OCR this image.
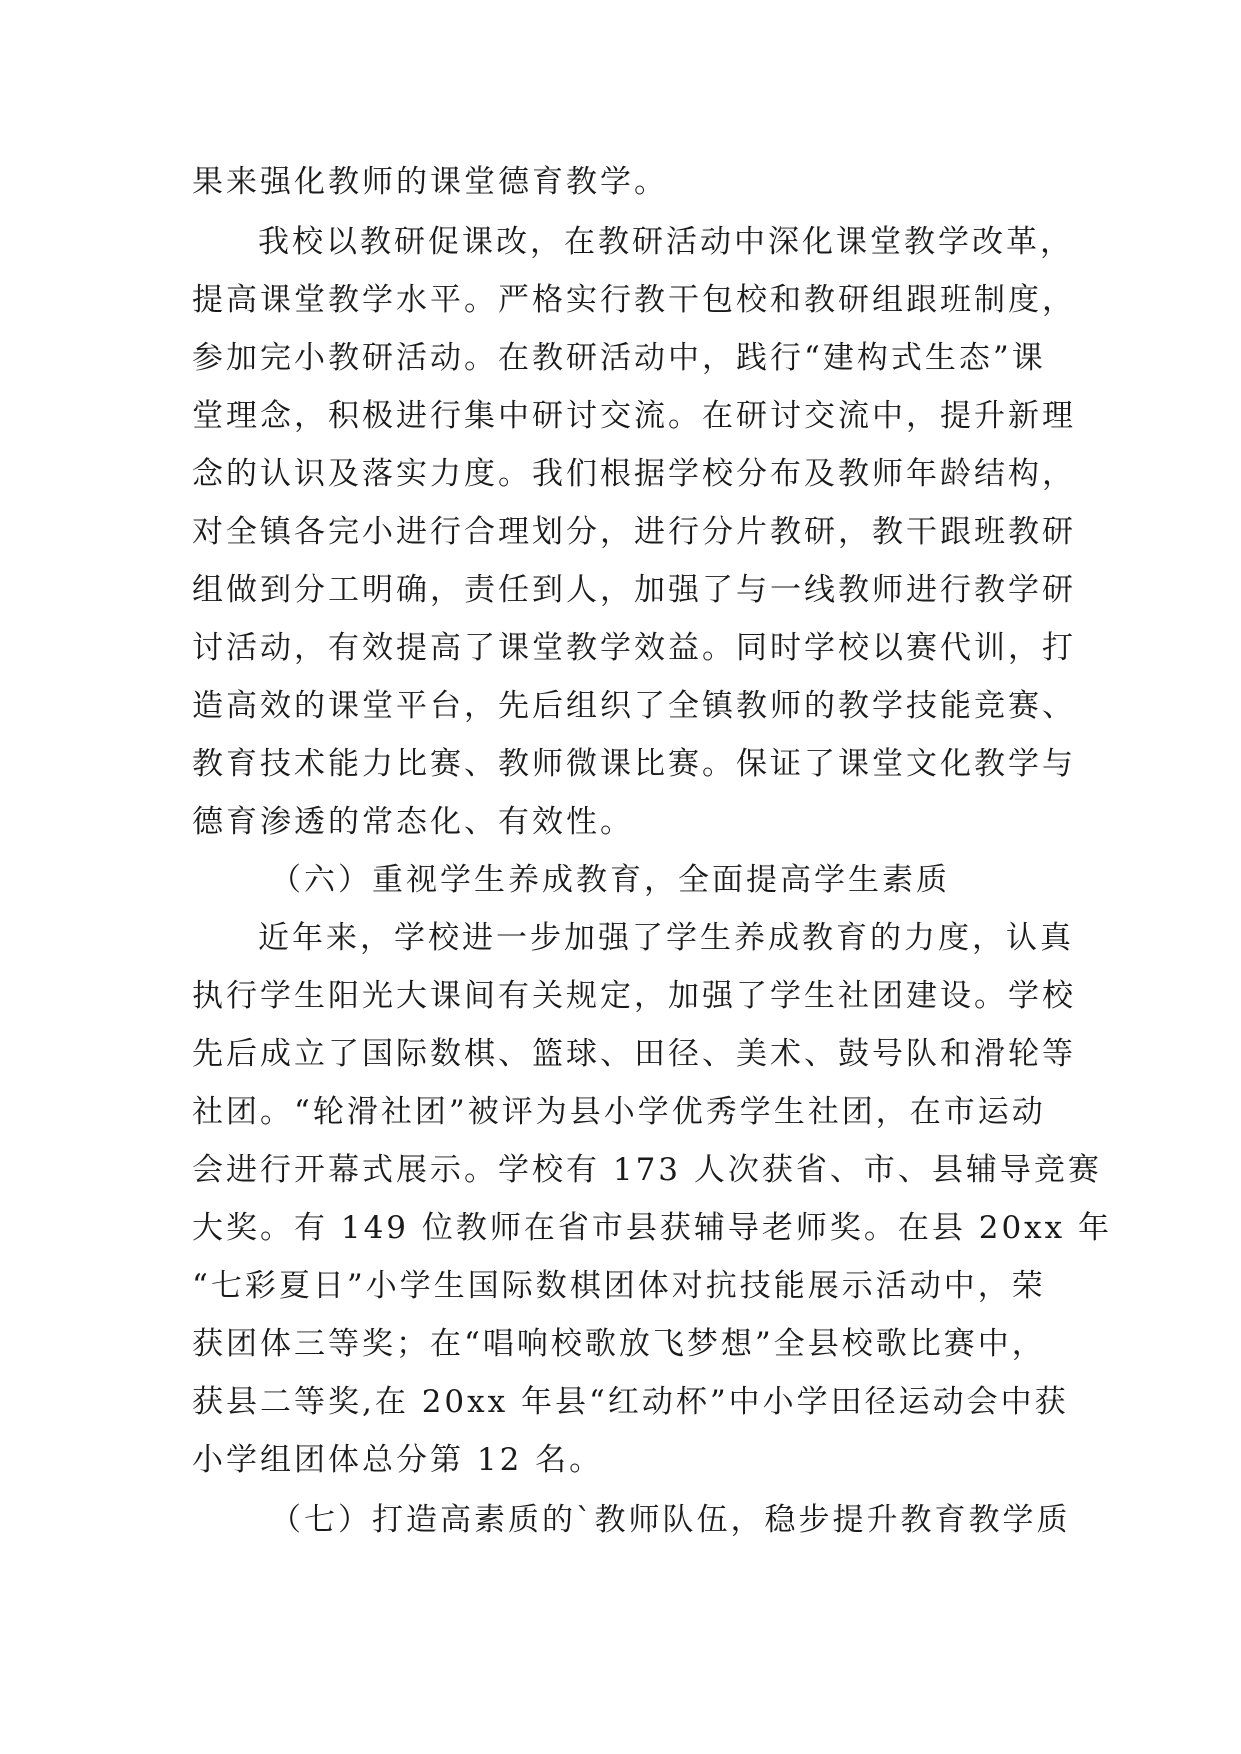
果来强化教师的课堂德育教学。
我校以教研促课改，在教研活动中深化课堂教学改革，
提高课堂教学水平。严格实行教干包校和教研组跟班制度，
参加完小教研活动。在教研活动中，践行“建构式生态”课
堂理念，积极进行集中研讨交流。在研讨交流中，提升新理
念的认识及落实力度。我们根据学校分布及教师年龄结构，
对全镇各完小进行合理划分，进行分片教研，教干跟班教研
组做到分工明确，责任到人，加强了与一线教师进行教学研
讨活动，有效提高了课堂教学效益。同时学校以赛代训，打
造高效的课堂平台，先后组织了全镇教师的教学技能竞赛、
教育技术能力比赛、教师微课比赛。保证了课堂文化教学与
德育渗透的常态化、有效性。
（六）重视学生养成教育，全面提高学生素质
近年来，学校进一步加强了学生养成教育的力度，认真
执行学生阳光大课间有关规定，加强了学生社团建设。学校
先后成立了国际数棋、篮球、田径、美术、鼓号队和滑轮等
社团。“轮滑社团”被评为县小学优秀学生社团，在市运动
会进行开幕式展示。学校有 173 人次获省、市、县辅导竞赛
大奖。有 149 位教师在省市县获辅导老师奖。在县 20xx 年
“七彩夏日”小学生国际数棋团体对抗技能展示活动中，荣
获团体三等奖；在“唱响校歌放飞梦想”全县校歌比赛中，
获县二等奖,在 20xx 年县“红动杯”中小学田径运动会中获
小学组团体总分第 12 名。
（七）打造高素质的`教师队伍，稳步提升教育教学质
